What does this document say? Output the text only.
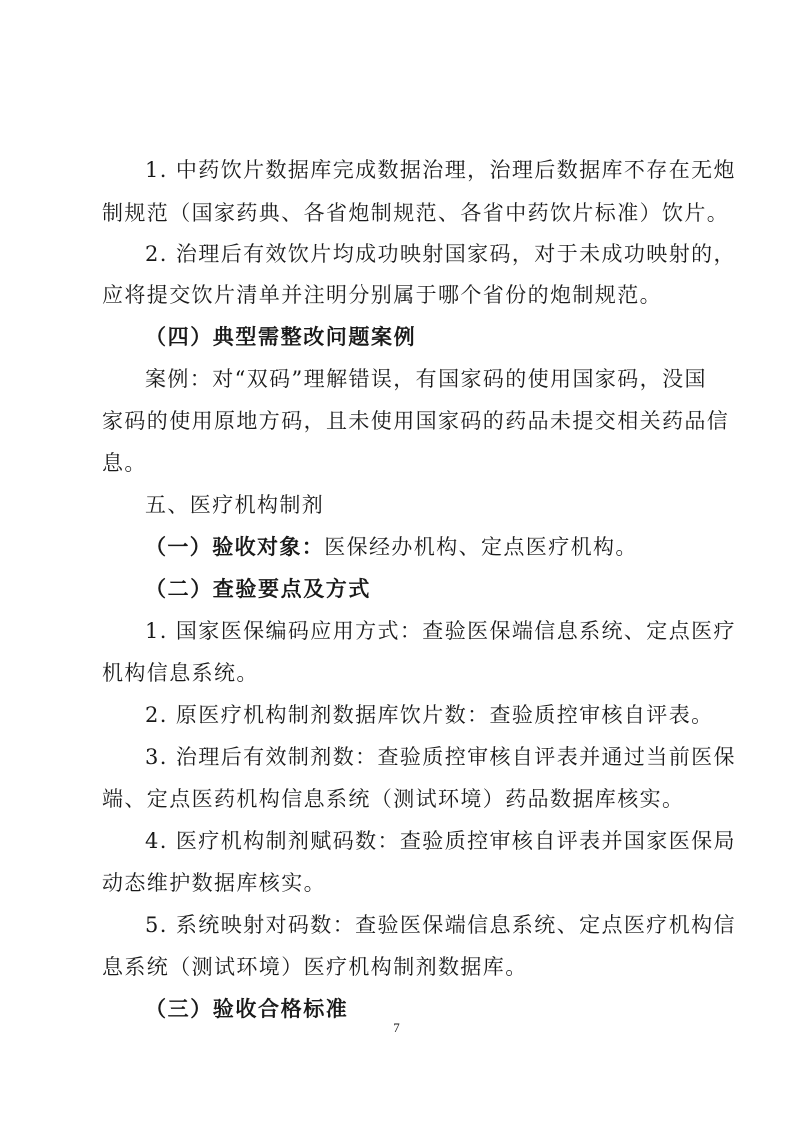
1. 中药饮片数据库完成数据治理，治理后数据库不存在无炮
制规范（国家药典、各省炮制规范、各省中药饮片标准）饮片。
2. 治理后有效饮片均成功映射国家码，对于未成功映射的，
应将提交饮片清单并注明分别属于哪个省份的炮制规范。
（四）典型需整改问题案例
案例：对“双码”理解错误，有国家码的使用国家码，没国
家码的使用原地方码，且未使用国家码的药品未提交相关药品信
息。
五、医疗机构制剂
（一）验收对象：医保经办机构、定点医疗机构。
（二）查验要点及方式
1. 国家医保编码应用方式：查验医保端信息系统、定点医疗
机构信息系统。
2. 原医疗机构制剂数据库饮片数：查验质控审核自评表。
3. 治理后有效制剂数：查验质控审核自评表并通过当前医保
端、定点医药机构信息系统（测试环境）药品数据库核实。
4. 医疗机构制剂赋码数：查验质控审核自评表并国家医保局
动态维护数据库核实。
5. 系统映射对码数：查验医保端信息系统、定点医疗机构信
息系统（测试环境）医疗机构制剂数据库。
（三）验收合格标准
7
